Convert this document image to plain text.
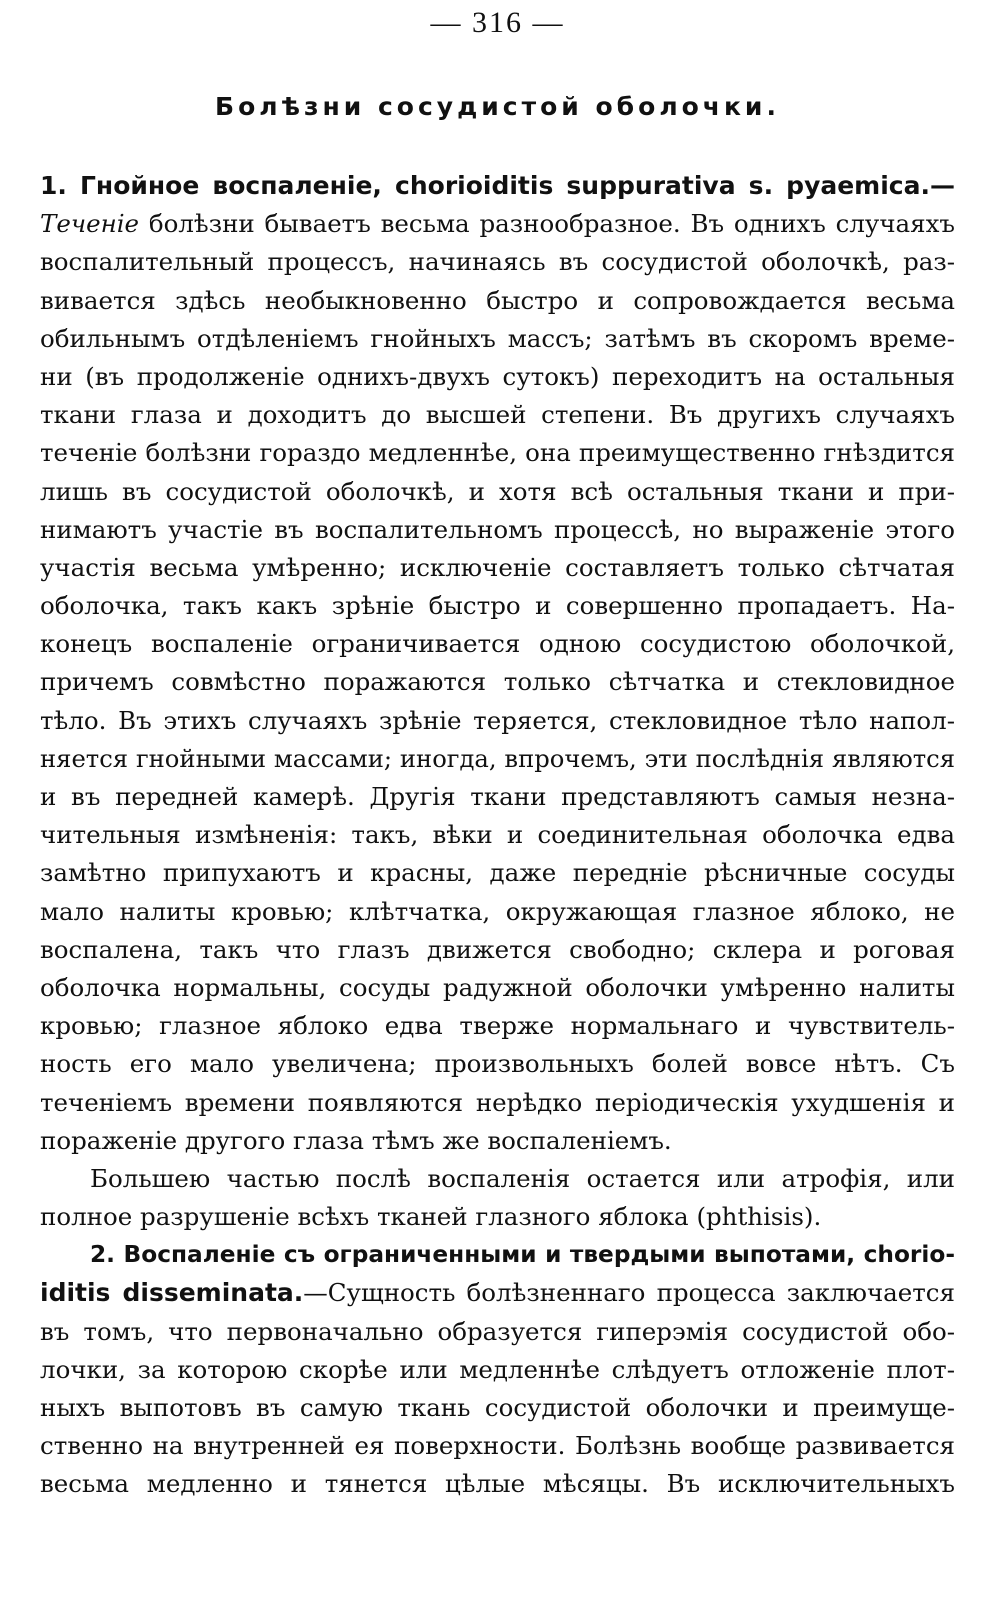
— 316 —
Болѣзни сосудистой оболочки.
1. Гнойное воспаленіе, chorioiditis suppurativa s. pyaemica.—
Теченіе болѣзни бываетъ весьма разнообразное. Въ однихъ случаяхъ
воспалительный процессъ, начинаясь въ сосудистой оболочкѣ, раз-
вивается здѣсь необыкновенно быстро и сопровождается весьма
обильнымъ отдѣленіемъ гнойныхъ массъ; затѣмъ въ скоромъ време-
ни (въ продолженіе однихъ-двухъ сутокъ) переходитъ на остальныя
ткани глаза и доходитъ до высшей степени. Въ другихъ случаяхъ
теченіе болѣзни гораздо медленнѣе, она преимущественно гнѣздится
лишь въ сосудистой оболочкѣ, и хотя всѣ остальныя ткани и при-
нимаютъ участіе въ воспалительномъ процессѣ, но выраженіе этого
участія весьма умѣренно; исключеніе составляетъ только сѣтчатая
оболочка, такъ какъ зрѣніе быстро и совершенно пропадаетъ. На-
конецъ воспаленіе ограничивается одною сосудистою оболочкой,
причемъ совмѣстно поражаются только сѣтчатка и стекловидное
тѣло. Въ этихъ случаяхъ зрѣніе теряется, стекловидное тѣло напол-
няется гнойными массами; иногда, впрочемъ, эти послѣднія являются
и въ передней камерѣ. Другія ткани представляютъ самыя незна-
чительныя измѣненія: такъ, вѣки и соединительная оболочка едва
замѣтно припухаютъ и красны, даже передніе рѣсничные сосуды
мало налиты кровью; клѣтчатка, окружающая глазное яблоко, не
воспалена, такъ что глазъ движется свободно; склера и роговая
оболочка нормальны, сосуды радужной оболочки умѣренно налиты
кровью; глазное яблоко едва тверже нормальнаго и чувствитель-
ность его мало увеличена; произвольныхъ болей вовсе нѣтъ. Съ
теченіемъ времени появляются нерѣдко періодическія ухудшенія и
пораженіе другого глаза тѣмъ же воспаленіемъ.
Большею частью послѣ воспаленія остается или атрофія, или
полное разрушеніе всѣхъ тканей глазного яблока (phthisis).
2. Воспаленіе съ ограниченными и твердыми выпотами, chorio-
iditis disseminata.—Сущность болѣзненнаго процесса заключается
въ томъ, что первоначально образуется гиперэмія сосудистой обо-
лочки, за которою скорѣе или медленнѣе слѣдуетъ отложеніе плот-
ныхъ выпотовъ въ самую ткань сосудистой оболочки и преимуще-
ственно на внутренней ея поверхности. Болѣзнь вообще развивается
весьма медленно и тянется цѣлые мѣсяцы. Въ исключительныхъ
